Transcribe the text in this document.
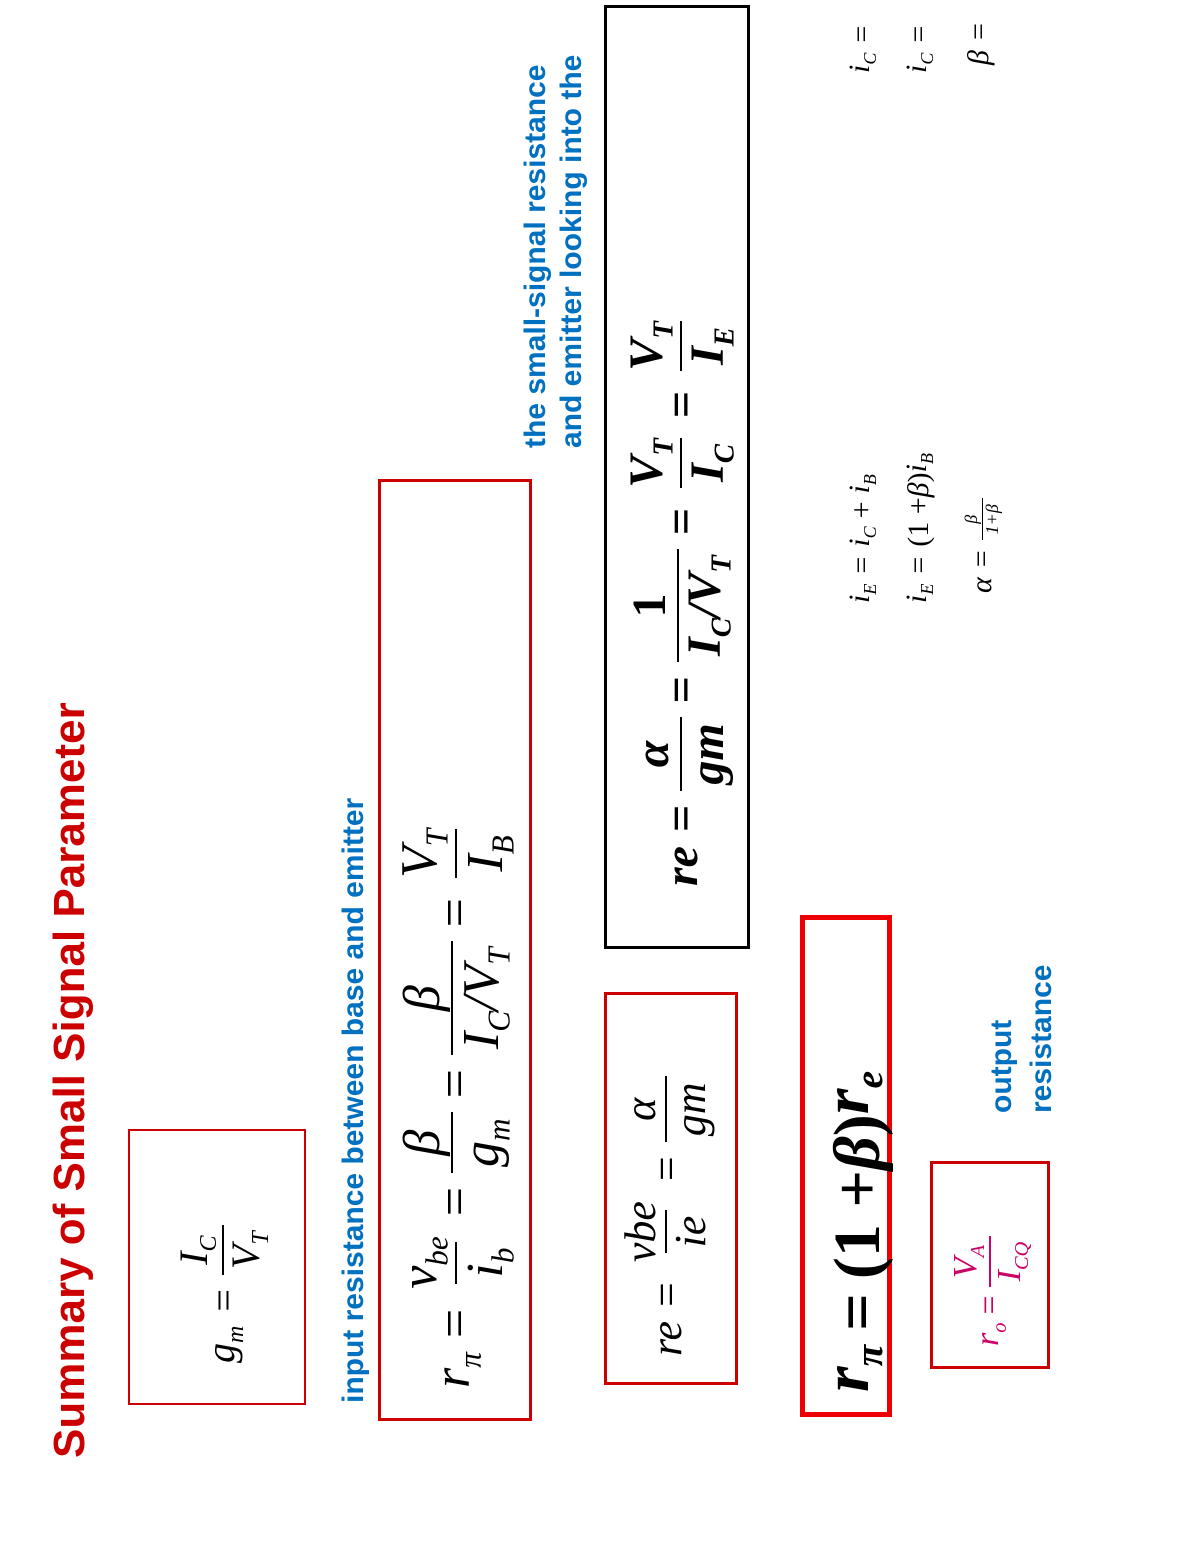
Summary of Small Signal Parameter	$g_m$
=
$I_C$
$V_T$ input resistance between base and emitter $r_\pi$
=
$v_{be}$
$i_b$
=
β $g_m$
=
β
$I_C/V_T$
=
$V_T$
$I_B$
the small-signal resistance and emitter looking into the
re
=
vbe ie
=
α gm
re
=
α gm
=
1
$I_C/V_T$
=
$V_T$
$I_C$
=
$V_T$
$I_E$
$r_\pi$
=
(1 +
β
)
$r_e$
$r_o$
=
$V_A$
$I_{CQ}$
output resistance
$i_E$
=
$i_C$
+
$i_B$
$i_E$
=
(1 +
β
)
$i_B$
α
=
β 1+β
$i_C$
=
$i_C$
=
β
=
